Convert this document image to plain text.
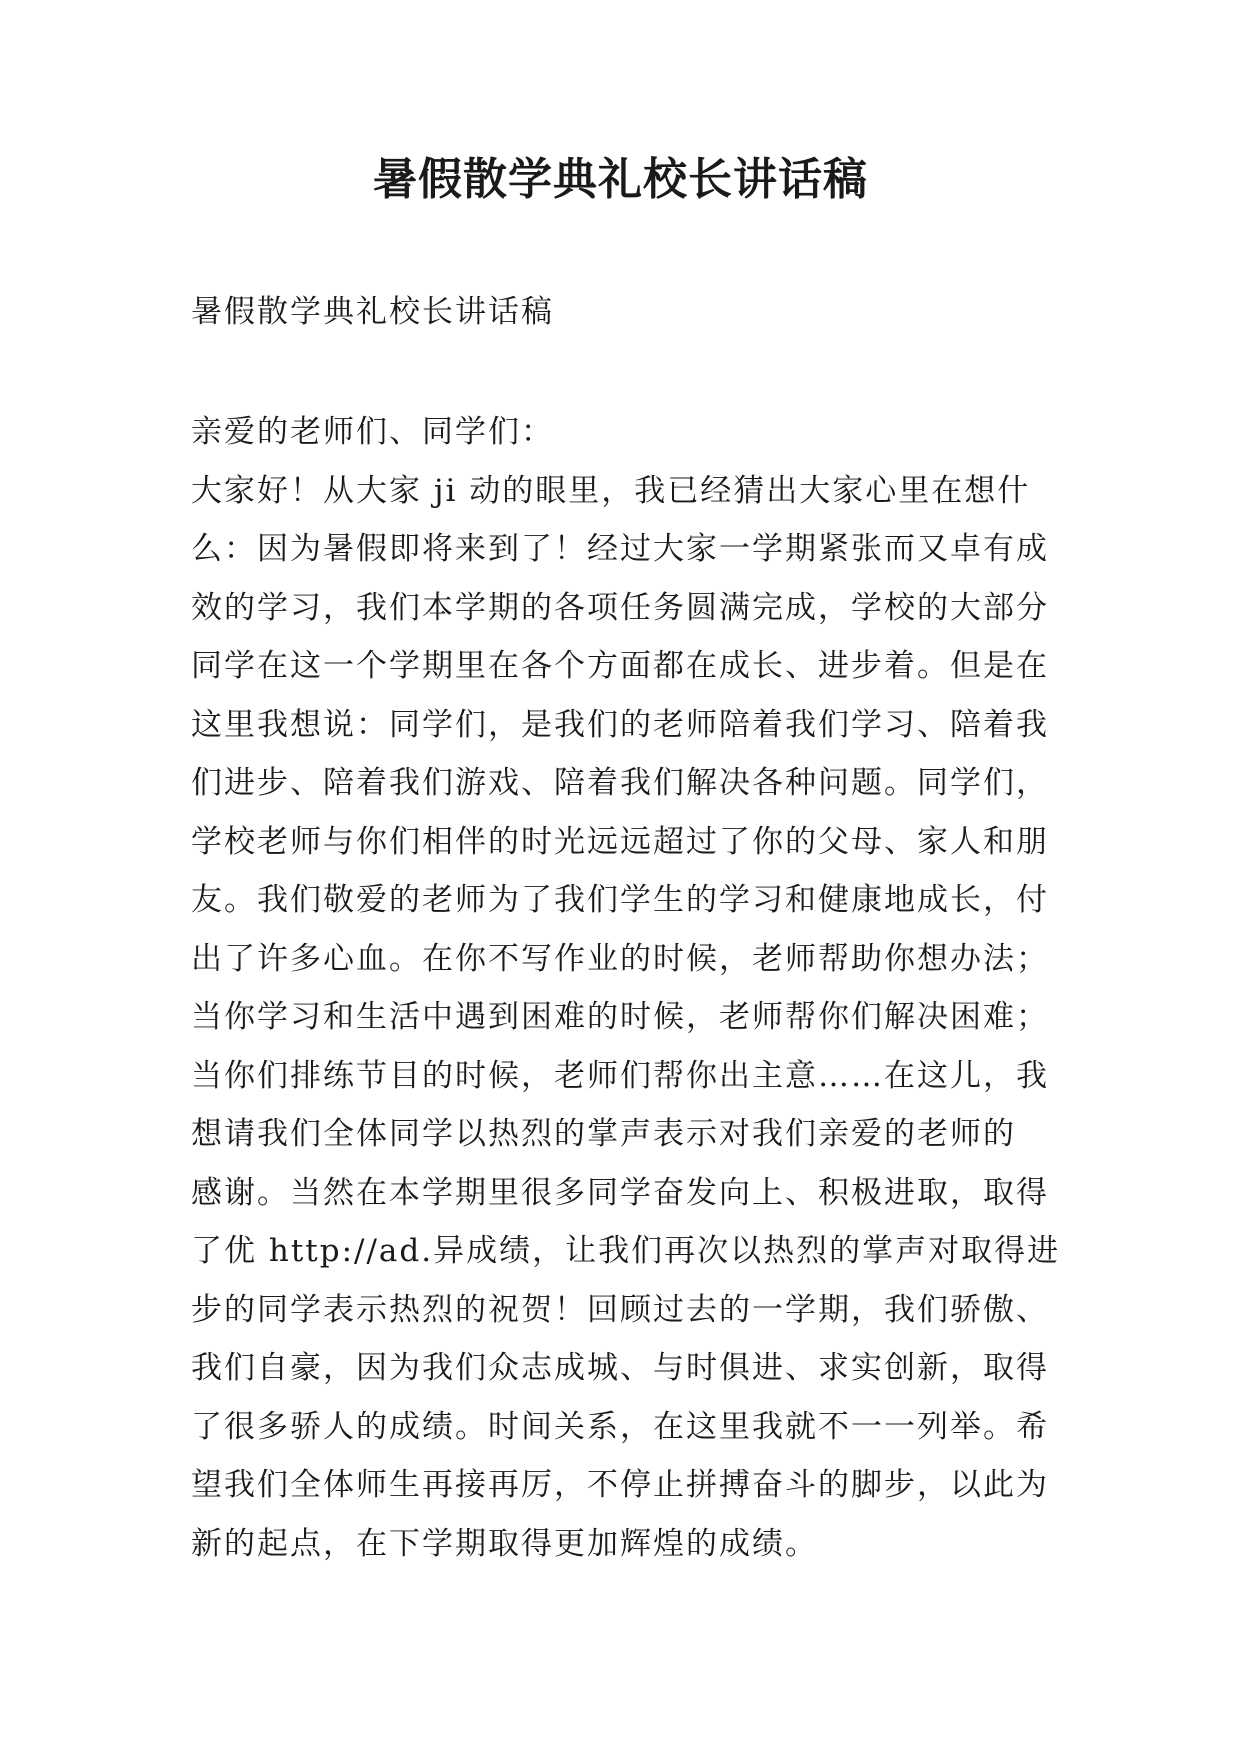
暑假散学典礼校长讲话稿

暑假散学典礼校长讲话稿

亲爱的老师们、同学们：
大家好！从大家 ji 动的眼里，我已经猜出大家心里在想什
么：因为暑假即将来到了！经过大家一学期紧张而又卓有成
效的学习，我们本学期的各项任务圆满完成，学校的大部分
同学在这一个学期里在各个方面都在成长、进步着。但是在
这里我想说：同学们，是我们的老师陪着我们学习、陪着我
们进步、陪着我们游戏、陪着我们解决各种问题。同学们，
学校老师与你们相伴的时光远远超过了你的父母、家人和朋
友。我们敬爱的老师为了我们学生的学习和健康地成长，付
出了许多心血。在你不写作业的时候，老师帮助你想办法；
当你学习和生活中遇到困难的时候，老师帮你们解决困难；
当你们排练节目的时候，老师们帮你出主意……在这儿，我
想请我们全体同学以热烈的掌声表示对我们亲爱的老师的
感谢。当然在本学期里很多同学奋发向上、积极进取，取得
了优 http://ad.异成绩，让我们再次以热烈的掌声对取得进
步的同学表示热烈的祝贺！回顾过去的一学期，我们骄傲、
我们自豪，因为我们众志成城、与时俱进、求实创新，取得
了很多骄人的成绩。时间关系，在这里我就不一一列举。希
望我们全体师生再接再厉，不停止拼搏奋斗的脚步，以此为
新的起点，在下学期取得更加辉煌的成绩。
